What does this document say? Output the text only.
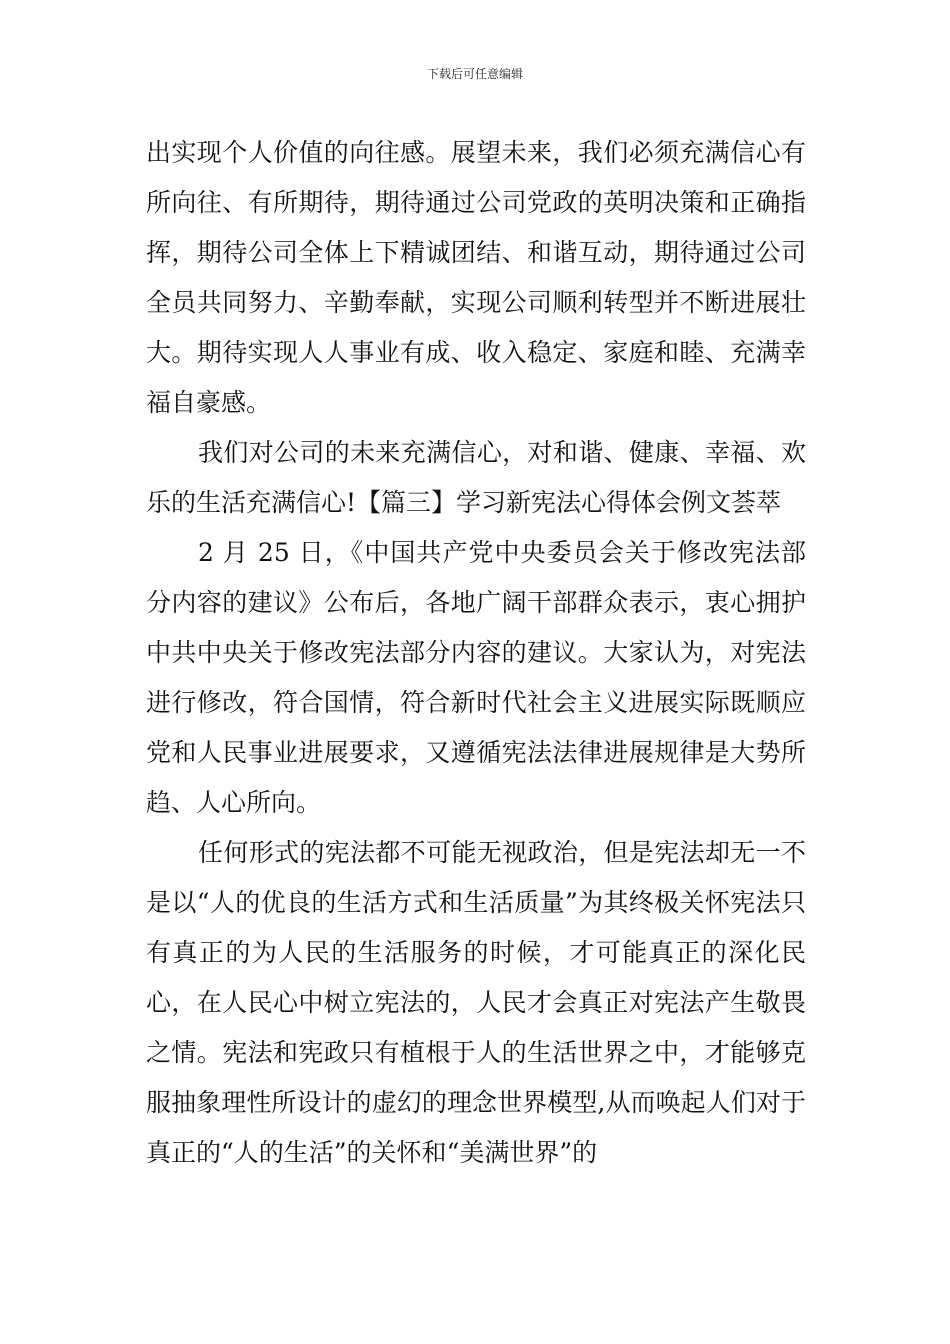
下载后可任意编辑

出实现个人价值的向往感。展望未来，我们必须充满信心有所向往、有所期待，期待通过公司党政的英明决策和正确指挥，期待公司全体上下精诚团结、和谐互动，期待通过公司全员共同努力、辛勤奉献，实现公司顺利转型并不断进展壮大。期待实现人人事业有成、收入稳定、家庭和睦、充满幸福自豪感。

我们对公司的未来充满信心，对和谐、健康、幸福、欢乐的生活充满信心!【篇三】学习新宪法心得体会例文荟萃

2 月 25 日，《中国共产党中央委员会关于修改宪法部分内容的建议》公布后，各地广阔干部群众表示，衷心拥护中共中央关于修改宪法部分内容的建议。大家认为，对宪法进行修改，符合国情，符合新时代社会主义进展实际既顺应党和人民事业进展要求，又遵循宪法法律进展规律是大势所趋、人心所向。

任何形式的宪法都不可能无视政治，但是宪法却无一不是以“人的优良的生活方式和生活质量”为其终极关怀宪法只有真正的为人民的生活服务的时候，才可能真正的深化民心，在人民心中树立宪法的，人民才会真正对宪法产生敬畏之情。宪法和宪政只有植根于人的生活世界之中，才能够克服抽象理性所设计的虚幻的理念世界模型,从而唤起人们对于真正的“人的生活”的关怀和“美满世界”的
